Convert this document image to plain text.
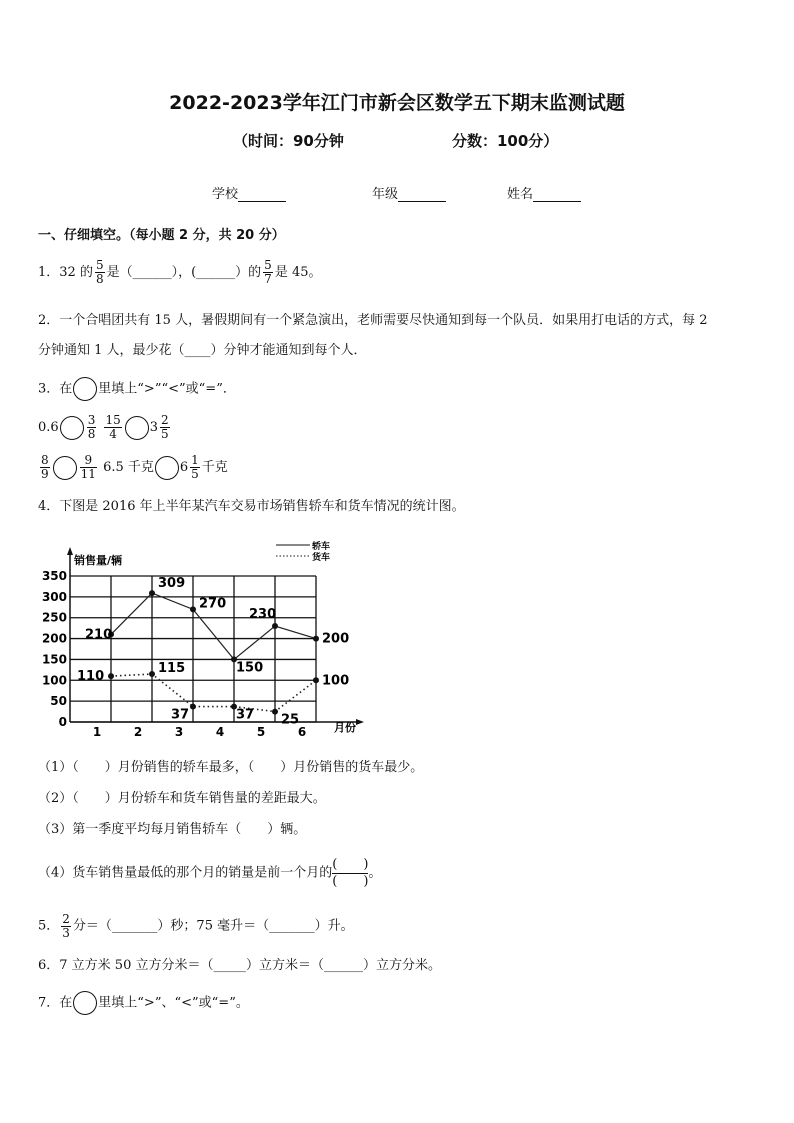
2022-2023学年江门市新会区数学五下期末监测试题
（时间：90分钟	分数：100分）
学校	年级	姓名
一、仔细填空。（每小题 2 分，共 20 分）
1．32 的 $\frac{5}{8}$ 是（______），(______）的 $\frac{5}{7}$ 是 45。
2．一个合唱团共有 15 人，暑假期间有一个紧急演出，老师需要尽快通知到每一个队员．如果用打电话的方式，每 2
分钟通知 1 人，最少花（____）分钟才能通知到每个人．
3．在 里填上“>”“<”或“=”．
$0.6 \frac{3}{8}$
$\frac{15}{4} 3 \frac{2}{5}$
$\frac{8}{9}$	$\frac{9}{11} 6.5$ 千克 $6 \frac{1}{5}$ 千克
4．下图是 2016 年上半年某汽车交易市场销售轿车和货车情况的统计图。
0
50
100
150
200
250
300
350
1	2	3	4	5	6
销售量/辆
月份
轿车
货车
210
309
270
150
230
200
110
115
37	37 25
100
（1）（　　）月份销售的轿车最多，（　　）月份销售的货车最少。
（2）（　　）月份轿车和货车销售量的差距最大。
（3）第一季度平均每月销售轿车（　　）辆。
（4）货车销售量最低的那个月的销量是前一个月的 $\frac{( )}{( )}$ 。
5． $\frac{2}{3}$ 分＝（_______）秒；75 毫升＝（_______）升。
6．7 立方米 50 立方分米＝（_____）立方米＝（______）立方分米。
7．在 里填上“>”、“<”或“=”。
